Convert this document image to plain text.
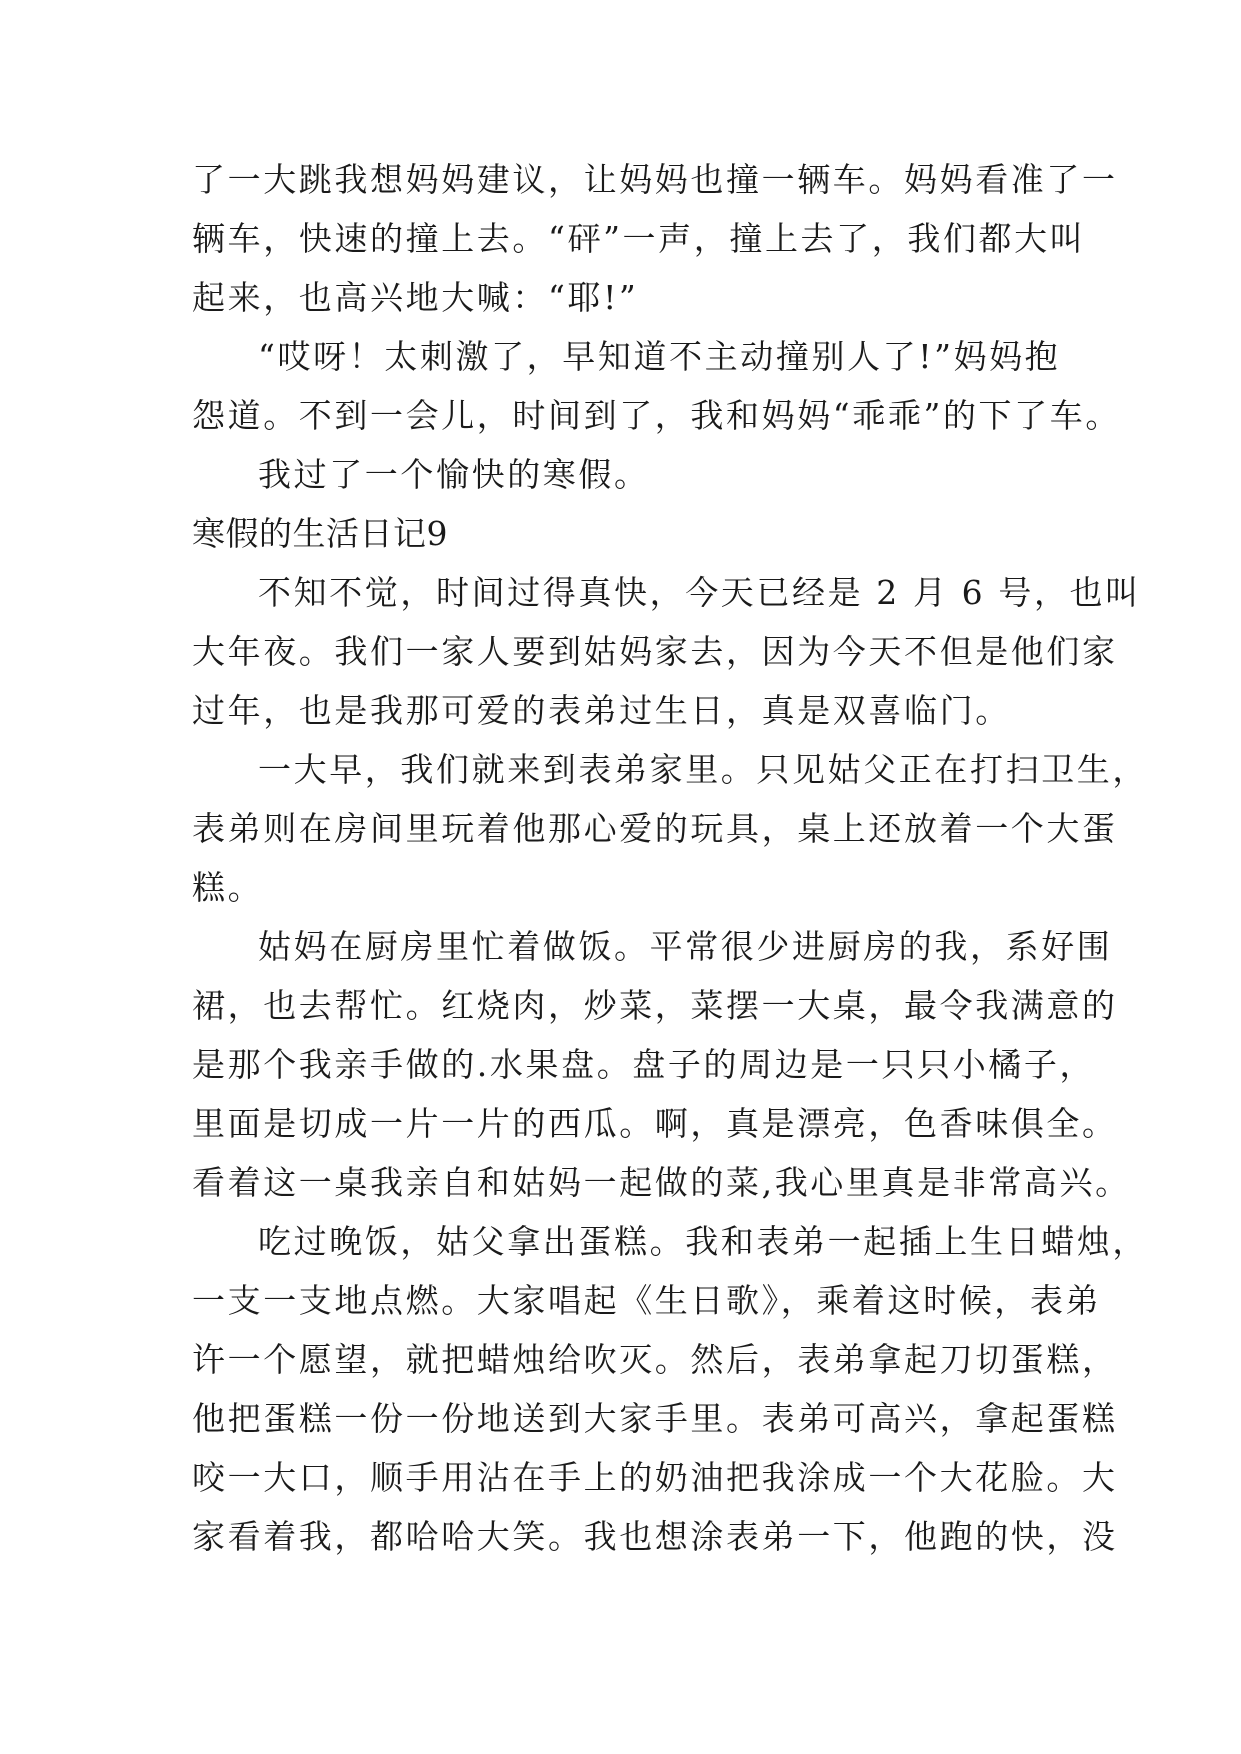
了一大跳我想妈妈建议，让妈妈也撞一辆车。妈妈看准了一
辆车，快速的撞上去。“砰”一声，撞上去了，我们都大叫
起来，也高兴地大喊：“耶!”
“哎呀！太刺激了，早知道不主动撞别人了!”妈妈抱
怨道。不到一会儿，时间到了，我和妈妈“乖乖”的下了车。
我过了一个愉快的寒假。
寒假的生活日记9
不知不觉，时间过得真快，今天已经是 2 月 6 号，也叫
大年夜。我们一家人要到姑妈家去，因为今天不但是他们家
过年，也是我那可爱的表弟过生日，真是双喜临门。
一大早，我们就来到表弟家里。只见姑父正在打扫卫生，
表弟则在房间里玩着他那心爱的玩具，桌上还放着一个大蛋
糕。
姑妈在厨房里忙着做饭。平常很少进厨房的我，系好围
裙，也去帮忙。红烧肉，炒菜，菜摆一大桌，最令我满意的
是那个我亲手做的.水果盘。盘子的周边是一只只小橘子，
里面是切成一片一片的西瓜。啊，真是漂亮，色香味俱全。
看着这一桌我亲自和姑妈一起做的菜,我心里真是非常高兴。
吃过晚饭，姑父拿出蛋糕。我和表弟一起插上生日蜡烛，
一支一支地点燃。大家唱起《生日歌》，乘着这时候，表弟
许一个愿望，就把蜡烛给吹灭。然后，表弟拿起刀切蛋糕，
他把蛋糕一份一份地送到大家手里。表弟可高兴，拿起蛋糕
咬一大口，顺手用沾在手上的奶油把我涂成一个大花脸。大
家看着我，都哈哈大笑。我也想涂表弟一下，他跑的快，没
